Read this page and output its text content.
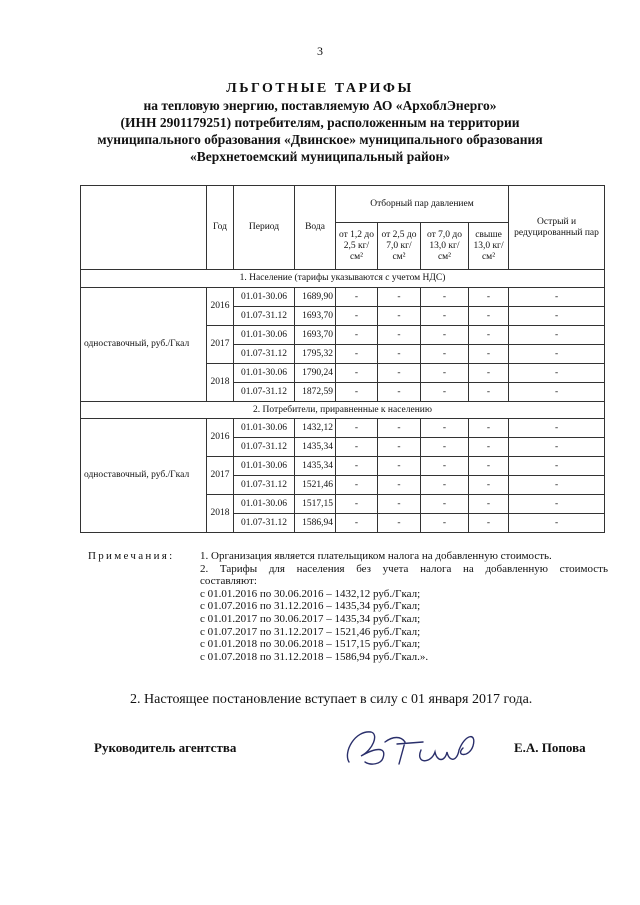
3
ЛЬГОТНЫЕ ТАРИФЫ
на тепловую энергию, поставляемую АО «АрхоблЭнерго»
(ИНН 2901179251) потребителям, расположенным на территории
муниципального образования «Двинское» муниципального образования
«Верхнетоемский муниципальный район»
	Год	Период	Вода	Отборный пар давлением				Острый и редуцированный пар
				от 1,2 до 2,5 кг/см²	от 2,5 до 7,0 кг/см²	от 7,0 до 13,0 кг/см²	свыше 13,0 кг/см²	
1. Население (тарифы указываются с учетом НДС)								
одноставочный, руб./Гкал	2016	01.01-30.06	1689,90	-	-	-	-	-
		01.07-31.12	1693,70	-	-	-	-	-
	2017	01.01-30.06	1693,70	-	-	-	-	-
		01.07-31.12	1795,32	-	-	-	-	-
	2018	01.01-30.06	1790,24	-	-	-	-	-
		01.07-31.12	1872,59	-	-	-	-	-
2. Потребители, приравненные к населению								
одноставочный, руб./Гкал	2016	01.01-30.06	1432,12	-	-	-	-	-
		01.07-31.12	1435,34	-	-	-	-	-
	2017	01.01-30.06	1435,34	-	-	-	-	-
		01.07-31.12	1521,46	-	-	-	-	-
	2018	01.01-30.06	1517,15	-	-	-	-	-
		01.07-31.12	1586,94	-	-	-	-	-
Примечания: 1. Организация является плательщиком налога на добавленную стоимость.
2. Тарифы для населения без учета налога на добавленную стоимость
составляют:
с 01.01.2016 по 30.06.2016 – 1432,12 руб./Гкал;
с 01.07.2016 по 31.12.2016 – 1435,34 руб./Гкал;
с 01.01.2017 по 30.06.2017 – 1435,34 руб./Гкал;
с 01.07.2017 по 31.12.2017 – 1521,46 руб./Гкал;
с 01.01.2018 по 30.06.2018 – 1517,15 руб./Гкал;
с 01.07.2018 по 31.12.2018 – 1586,94 руб./Гкал.».
2. Настоящее постановление вступает в силу с 01 января 2017 года.
Руководитель агентства	Е.А. Попова
